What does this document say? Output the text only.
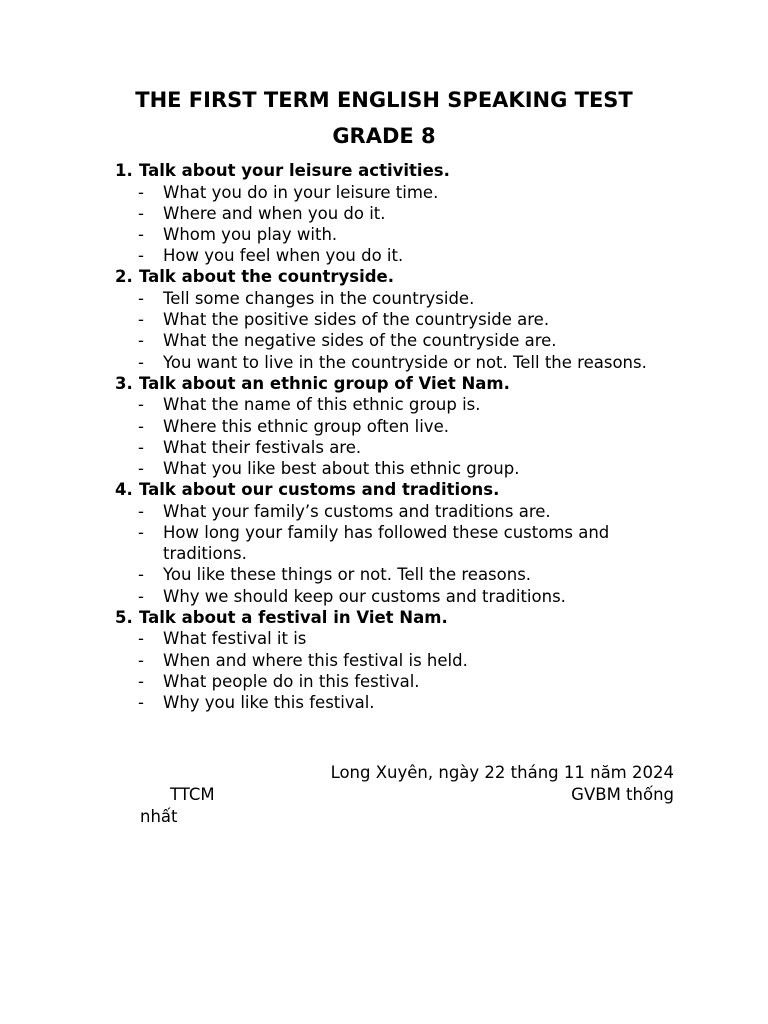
THE FIRST TERM ENGLISH SPEAKING TEST
GRADE 8
1. Talk about your leisure activities.
- What you do in your leisure time.
- Where and when you do it.
- Whom you play with.
- How you feel when you do it.
2. Talk about the countryside.
- Tell some changes in the countryside.
- What the positive sides of the countryside are.
- What the negative sides of the countryside are.
- You want to live in the countryside or not. Tell the reasons.
3. Talk about an ethnic group of Viet Nam.
- What the name of this ethnic group is.
- Where this ethnic group often live.
- What their festivals are.
- What you like best about this ethnic group.
4. Talk about our customs and traditions.
- What your family’s customs and traditions are.
- How long your family has followed these customs and traditions.
- You like these things or not. Tell the reasons.
- Why we should keep our customs and traditions.
5. Talk about a festival in Viet Nam.
- What festival it is
- When and where this festival is held.
- What people do in this festival.
- Why you like this festival.
Long Xuyên, ngày 22 tháng 11 năm 2024
TTCM	GVBM thống
nhất
